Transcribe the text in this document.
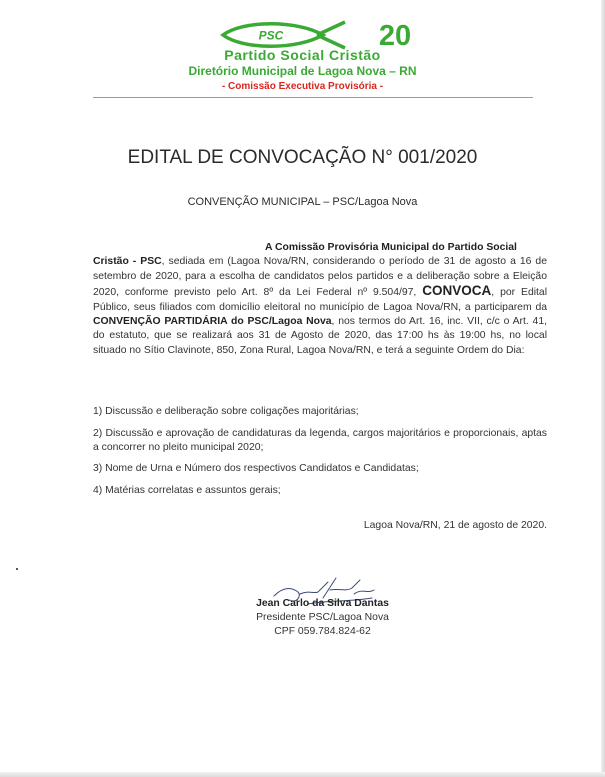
PSC	20
Partido Social Cristão
Diretório Municipal de Lagoa Nova – RN
- Comissão Executiva Provisória -
EDITAL DE CONVOCAÇÃO N° 001/2020
CONVENÇÃO MUNICIPAL – PSC/Lagoa Nova
A Comissão Provisória Municipal do Partido Social
Cristão - PSC, sediada em (Lagoa Nova/RN, considerando o período de 31 de agosto a 16 de setembro de 2020, para a escolha de candidatos pelos partidos e a deliberação sobre a Eleição 2020, conforme previsto pelo Art. 8º da Lei Federal nº 9.504/97, CONVOCA, por Edital Público, seus filiados com domicílio eleitoral no município de Lagoa Nova/RN, a participarem da CONVENÇÃO PARTIDÁRIA do PSC/Lagoa Nova, nos termos do Art. 16, inc. VII, c/c o Art. 41, do estatuto, que se realizará aos 31 de Agosto de 2020, das 17:00 hs às 19:00 hs, no local situado no Sítio Clavinote, 850, Zona Rural, Lagoa Nova/RN, e terá a seguinte Ordem do Dia:
1) Discussão e deliberação sobre coligações majoritárias;
2) Discussão e aprovação de candidaturas da legenda, cargos majoritários e proporcionais, aptas a concorrer no pleito municipal 2020;
3) Nome de Urna e Número dos respectivos Candidatos e Candidatas;
4) Matérias correlatas e assuntos gerais;
Lagoa Nova/RN, 21 de agosto de 2020.
Jean Carlo da Silva Dantas
Presidente PSC/Lagoa Nova
CPF 059.784.824-62
